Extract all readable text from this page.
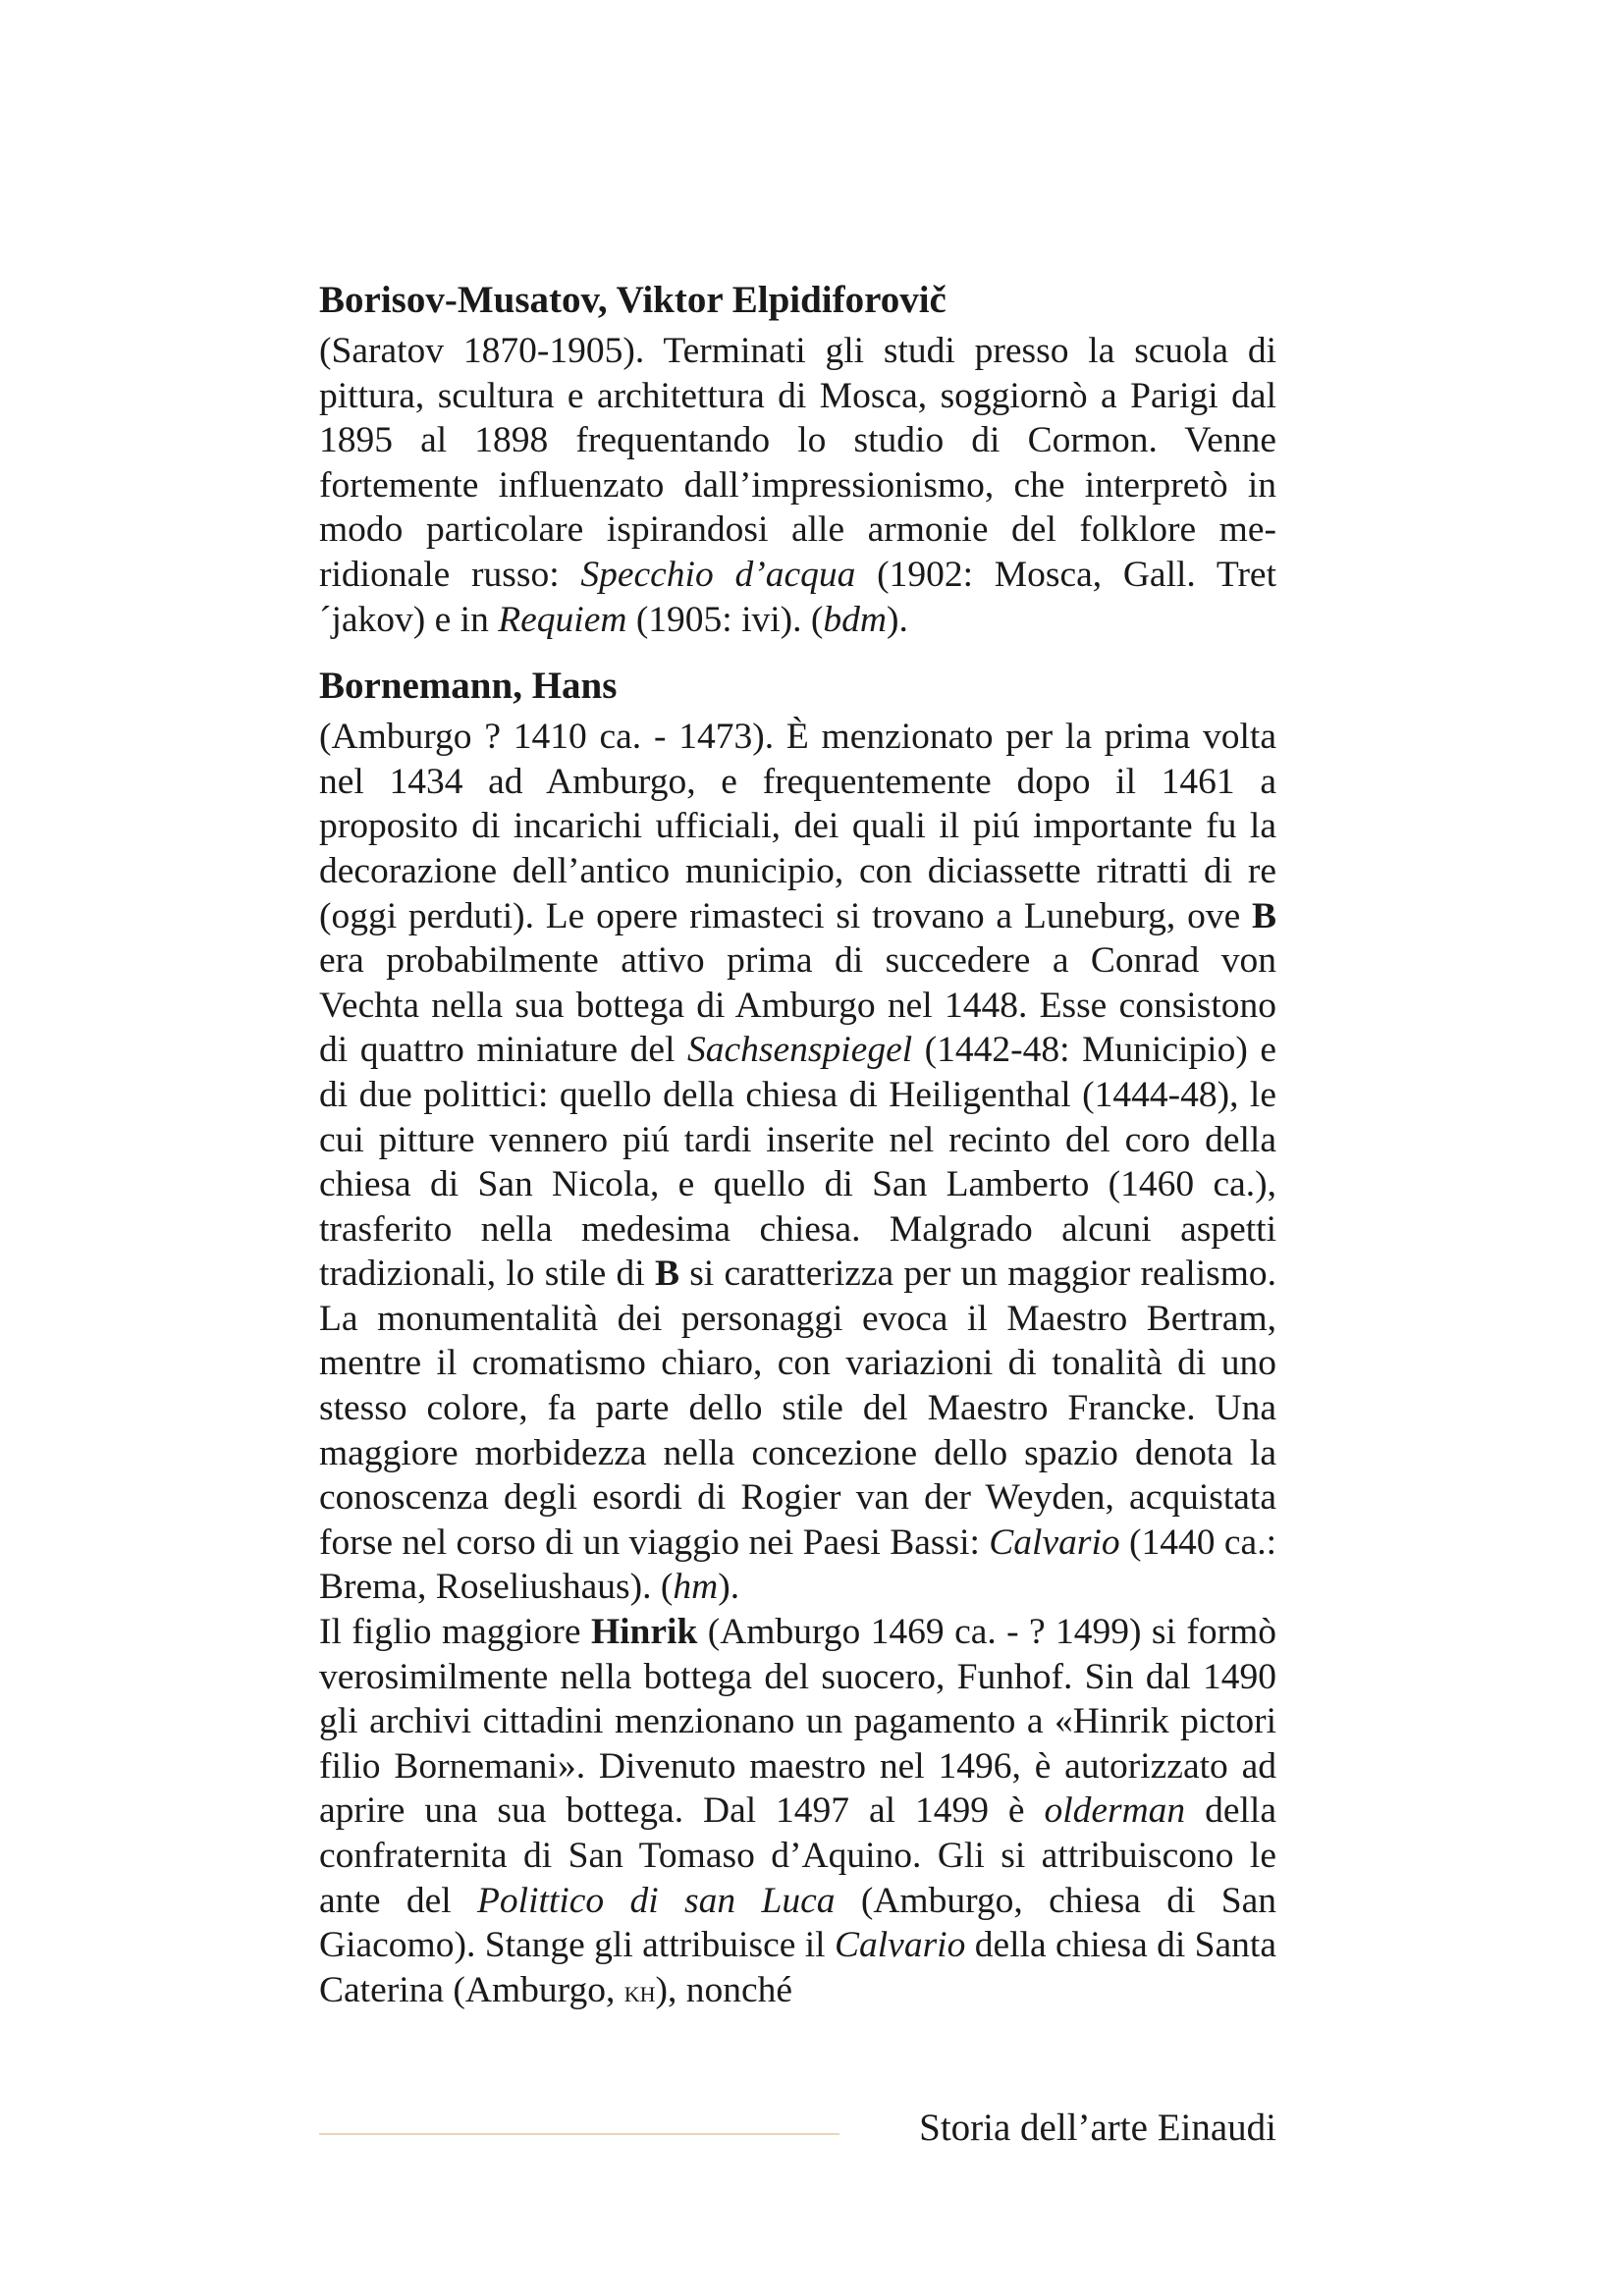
Borisov-Musatov, Viktor Elpidiforovič

(Saratov 1870-1905). Terminati gli studi presso la scuola di pittura, scultura e architettura di Mosca, soggiornò a Parigi dal 1895 al 1898 frequentando lo studio di Cormon. Venne fortemente influenzato dall’impressionismo, che interpretò in modo particolare ispirandosi alle armonie del folklore meridionale russo: Specchio d’acqua (1902: Mosca, Gall. Tret´jakov) e in Requiem (1905: ivi). (bdm).

Bornemann, Hans

(Amburgo ? 1410 ca. - 1473). È menzionato per la prima volta nel 1434 ad Amburgo, e frequentemente dopo il 1461 a proposito di incarichi ufficiali, dei quali il piú importante fu la decorazione dell’antico municipio, con diciassette ritratti di re (oggi perduti). Le opere rimasteci si trovano a Luneburg, ove B era probabilmente attivo prima di succedere a Conrad von Vechta nella sua bottega di Amburgo nel 1448. Esse consistono di quattro miniature del Sachsenspiegel (1442-48: Municipio) e di due polittici: quello della chiesa di Heiligenthal (1444-48), le cui pitture vennero piú tardi inserite nel recinto del coro della chiesa di San Nicola, e quello di San Lamberto (1460 ca.), trasferito nella medesima chiesa. Malgrado alcuni aspetti tradizionali, lo stile di B si caratterizza per un maggior realismo. La monumentalità dei personaggi evoca il Maestro Bertram, mentre il cromatismo chiaro, con variazioni di tonalità di uno stesso colore, fa parte dello stile del Maestro Francke. Una maggiore morbidezza nella concezione dello spazio denota la conoscenza degli esordi di Rogier van der Weyden, acquistata forse nel corso di un viaggio nei Paesi Bassi: Calvario (1440 ca.: Brema, Roseliushaus). (hm).

Il figlio maggiore Hinrik (Amburgo 1469 ca. - ? 1499) si formò verosimilmente nella bottega del suocero, Funhof. Sin dal 1490 gli archivi cittadini menzionano un pagamento a «Hinrik pictori filio Bornemani». Divenuto maestro nel 1496, è autorizzato ad aprire una sua bottega. Dal 1497 al 1499 è olderman della confraternita di San Tomaso d’Aquino. Gli si attribuiscono le ante del Polittico di san Luca (Amburgo, chiesa di San Giacomo). Stange gli attribuisce il Calvario della chiesa di Santa Caterina (Amburgo, kh), nonché

Storia dell’arte Einaudi
